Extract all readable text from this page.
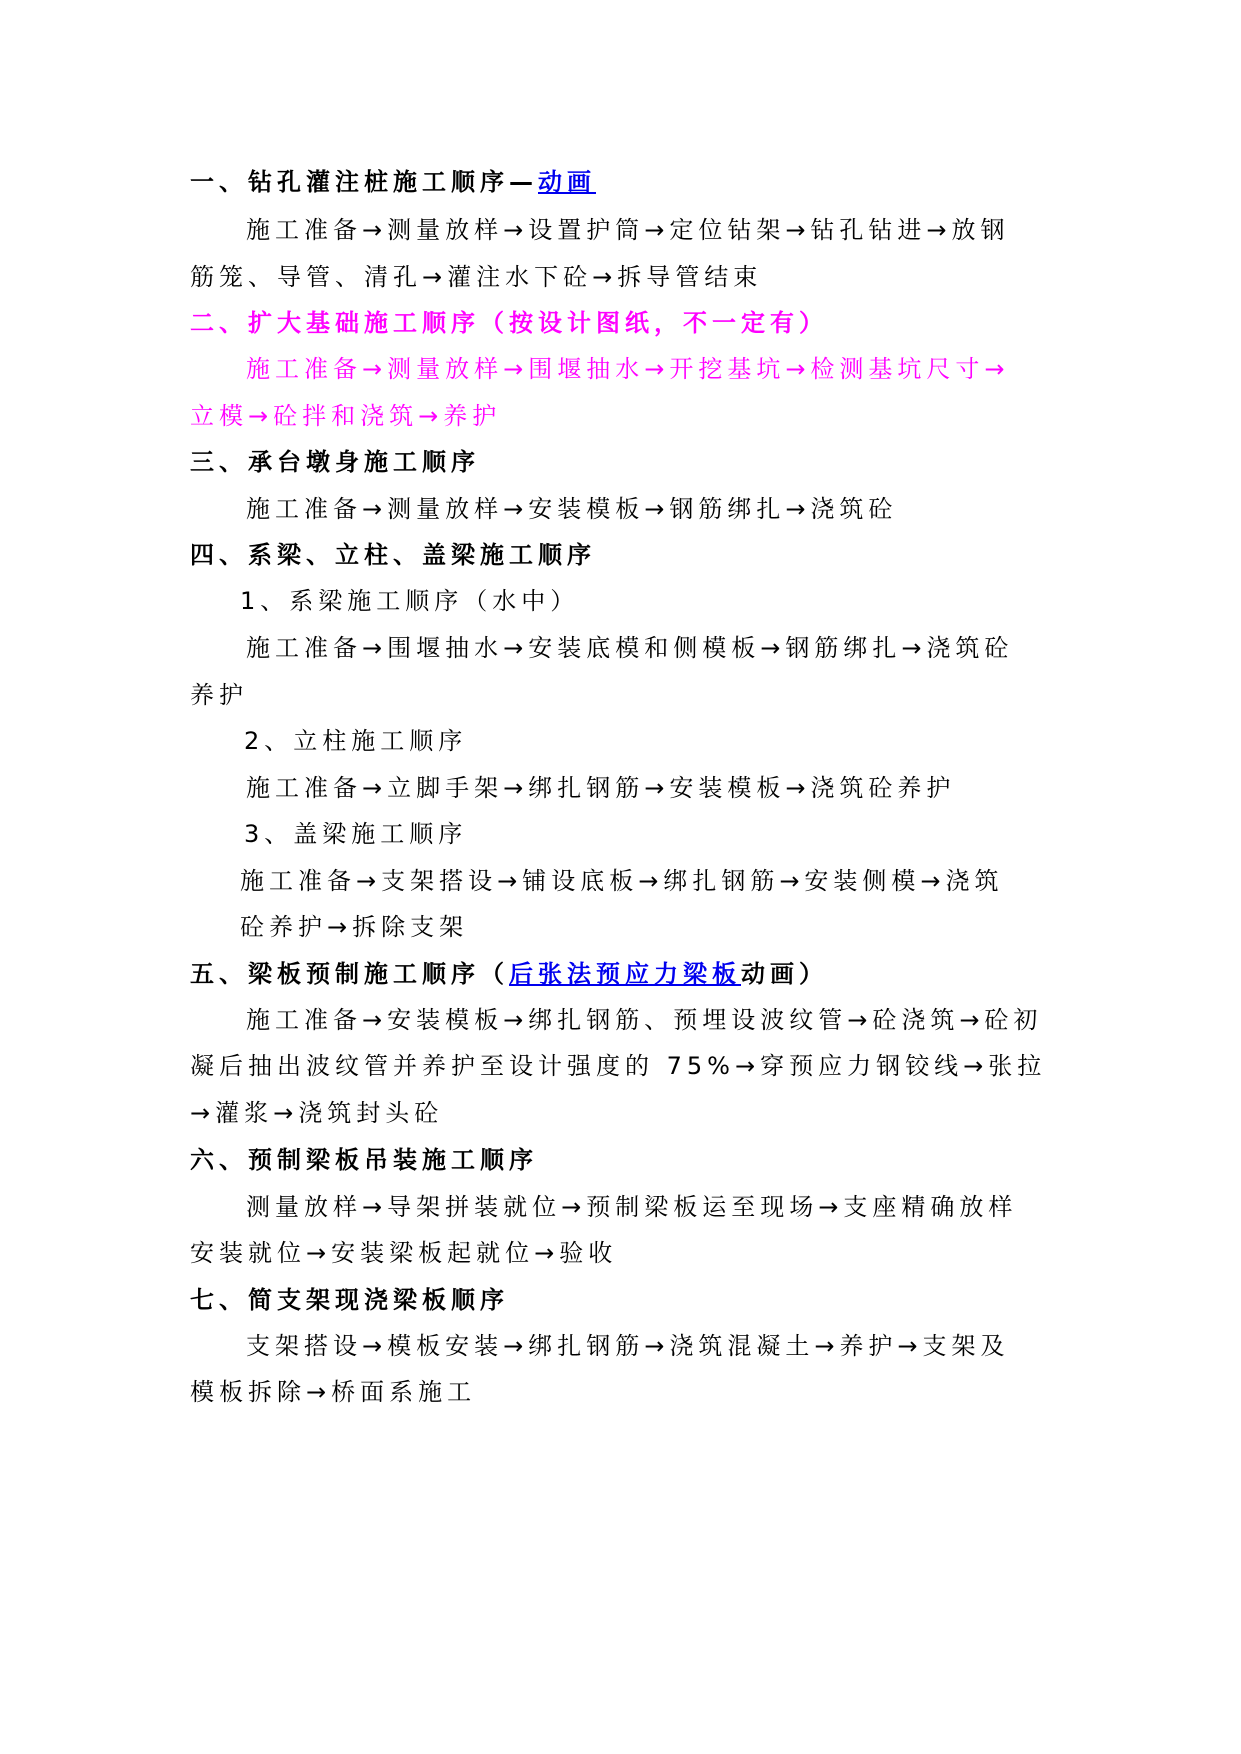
一、钻孔灌注桩施工顺序—动画
施工准备→测量放样→设置护筒→定位钻架→钻孔钻进→放钢
筋笼、导管、清孔→灌注水下砼→拆导管结束
二、扩大基础施工顺序（按设计图纸，不一定有）
施工准备→测量放样→围堰抽水→开挖基坑→检测基坑尺寸→
立模→砼拌和浇筑→养护
三、承台墩身施工顺序
施工准备→测量放样→安装模板→钢筋绑扎→浇筑砼
四、系梁、立柱、盖梁施工顺序
1、系梁施工顺序（水中）
施工准备→围堰抽水→安装底模和侧模板→钢筋绑扎→浇筑砼
养护
2、立柱施工顺序
施工准备→立脚手架→绑扎钢筋→安装模板→浇筑砼养护
3、盖梁施工顺序
施工准备→支架搭设→铺设底板→绑扎钢筋→安装侧模→浇筑
砼养护→拆除支架
五、梁板预制施工顺序（后张法预应力梁板动画）
施工准备→安装模板→绑扎钢筋、预埋设波纹管→砼浇筑→砼初
凝后抽出波纹管并养护至设计强度的 75%→穿预应力钢铰线→张拉
→灌浆→浇筑封头砼
六、预制梁板吊装施工顺序
测量放样→导架拼装就位→预制梁板运至现场→支座精确放样
安装就位→安装梁板起就位→验收
七、简支架现浇梁板顺序
支架搭设→模板安装→绑扎钢筋→浇筑混凝土→养护→支架及
模板拆除→桥面系施工
